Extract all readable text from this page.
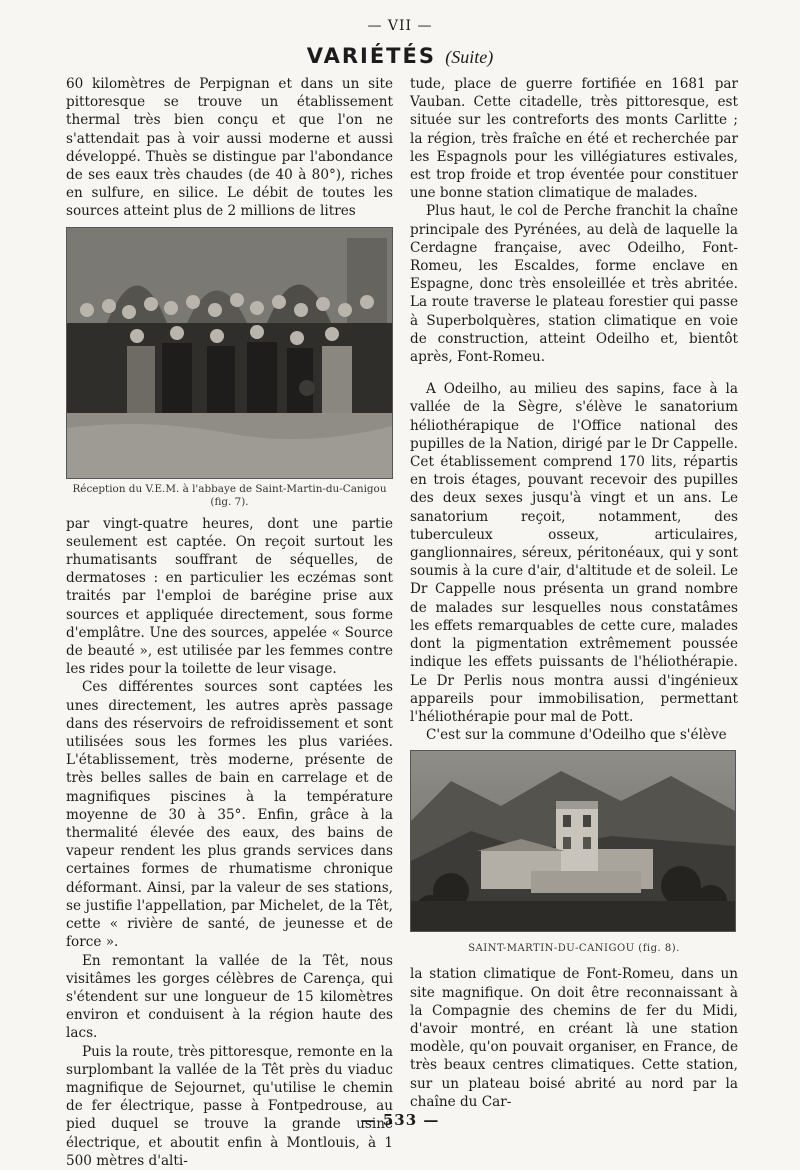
— VII —
VARIÉTÉS (Suite)

60 kilomètres de Perpignan et dans un site pittoresque se trouve un établissement thermal très bien conçu et que l'on ne s'attendait pas à voir aussi moderne et aussi développé. Thuès se distingue par l'abondance de ses eaux très chaudes (de 40 à 80°), riches en sulfure, en silice. Le débit de toutes les sources atteint plus de 2 millions de litres

Réception du V.E.M. à l'abbaye de Saint-Martin-du-Canigou (fig. 7).

par vingt-quatre heures, dont une partie seulement est captée. On reçoit surtout les rhumatisants souffrant de séquelles, de dermatoses : en particulier les eczémas sont traités par l'emploi de barégine prise aux sources et appliquée directement, sous forme d'emplâtre. Une des sources, appelée « Source de beauté », est utilisée par les femmes contre les rides pour la toilette de leur visage.

Ces différentes sources sont captées les unes directement, les autres après passage dans des réservoirs de refroidissement et sont utilisées sous les formes les plus variées. L'établissement, très moderne, présente de très belles salles de bain en carrelage et de magnifiques piscines à la température moyenne de 30 à 35°. Enfin, grâce à la thermalité élevée des eaux, des bains de vapeur rendent les plus grands services dans certaines formes de rhumatisme chronique déformant. Ainsi, par la valeur de ses stations, se justifie l'appellation, par Michelet, de la Têt, cette « rivière de santé, de jeunesse et de force ».

En remontant la vallée de la Têt, nous visitâmes les gorges célèbres de Carença, qui s'étendent sur une longueur de 15 kilomètres environ et conduisent à la région haute des lacs.

Puis la route, très pittoresque, remonte en la surplombant la vallée de la Têt près du viaduc magnifique de Sejournet, qu'utilise le chemin de fer électrique, passe à Fontpedrouse, au pied duquel se trouve la grande usine électrique, et aboutit enfin à Montlouis, à 1 500 mètres d'alti-

tude, place de guerre fortifiée en 1681 par Vauban. Cette citadelle, très pittoresque, est située sur les contreforts des monts Carlitte ; la région, très fraîche en été et recherchée par les Espagnols pour les villégiatures estivales, est trop froide et trop éventée pour constituer une bonne station climatique de malades.

Plus haut, le col de Perche franchit la chaîne principale des Pyrénées, au delà de laquelle la Cerdagne française, avec Odeilho, Font-Romeu, les Escaldes, forme enclave en Espagne, donc très ensoleillée et très abritée. La route traverse le plateau forestier qui passe à Superbolquères, station climatique en voie de construction, atteint Odeilho et, bientôt après, Font-Romeu.

A Odeilho, au milieu des sapins, face à la vallée de la Sègre, s'élève le sanatorium héliothérapique de l'Office national des pupilles de la Nation, dirigé par le Dr Cappelle. Cet établissement comprend 170 lits, répartis en trois étages, pouvant recevoir des pupilles des deux sexes jusqu'à vingt et un ans. Le sanatorium reçoit, notamment, des tuberculeux osseux, articulaires, ganglionnaires, séreux, péritonéaux, qui y sont soumis à la cure d'air, d'altitude et de soleil. Le Dr Cappelle nous présenta un grand nombre de malades sur lesquelles nous constatâmes les effets remarquables de cette cure, malades dont la pigmentation extrêmement poussée indique les effets puissants de l'héliothérapie. Le Dr Perlis nous montra aussi d'ingénieux appareils pour immobilisation, permettant l'héliothérapie pour mal de Pott.

C'est sur la commune d'Odeilho que s'élève

SAINT-MARTIN-DU-CANIGOU (fig. 8).

la station climatique de Font-Romeu, dans un site magnifique. On doit être reconnaissant à la Compagnie des chemins de fer du Midi, d'avoir montré, en créant là une station modèle, qu'on pouvait organiser, en France, de très beaux centres climatiques. Cette station, sur un plateau boisé abrité au nord par la chaîne du Car-

— 533 —
